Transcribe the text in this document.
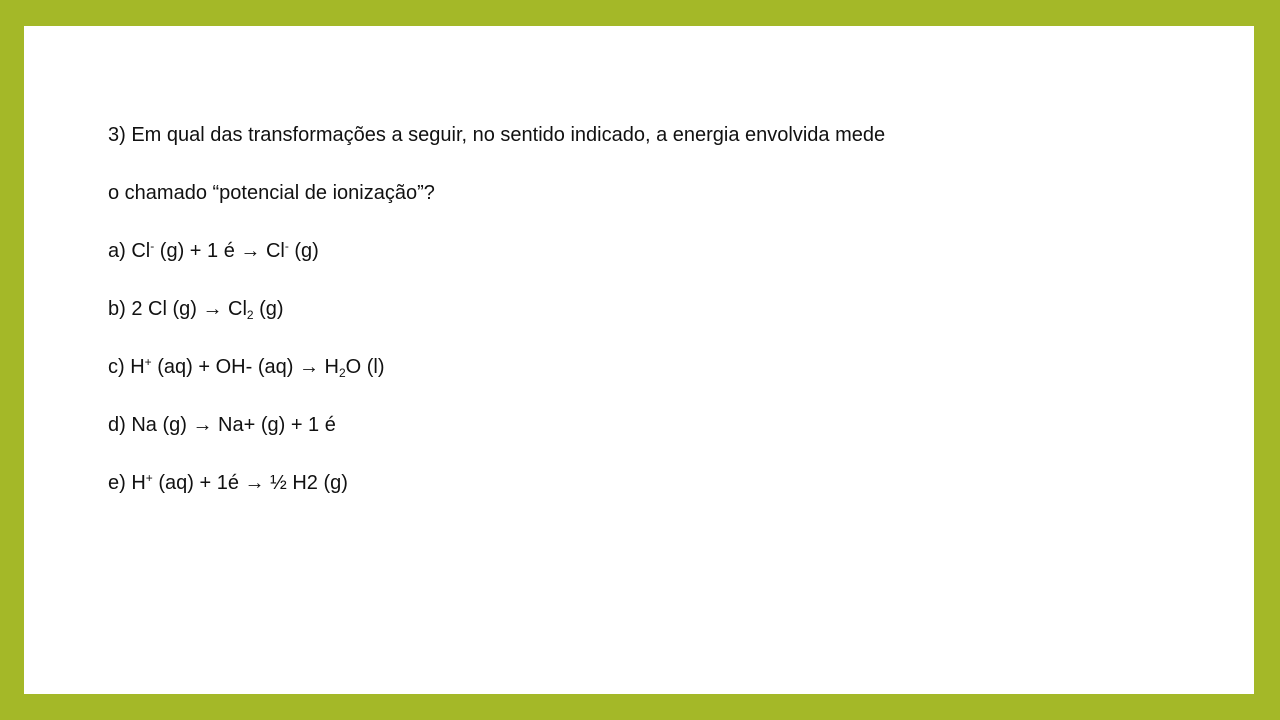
3) Em qual das transformações a seguir, no sentido indicado, a energia envolvida mede
o chamado “potencial de ionização”?
a) Cl- (g) + 1 é → Cl- (g)
b) 2 Cl $(g) \to Cl_2$ (g)
c) H+ (aq) + OH- $(aq) \to H_2O$ (l)
d) Na (g) → Na+ (g) + 1 é
e) H+ (aq) + 1é → ½ H2 (g)
